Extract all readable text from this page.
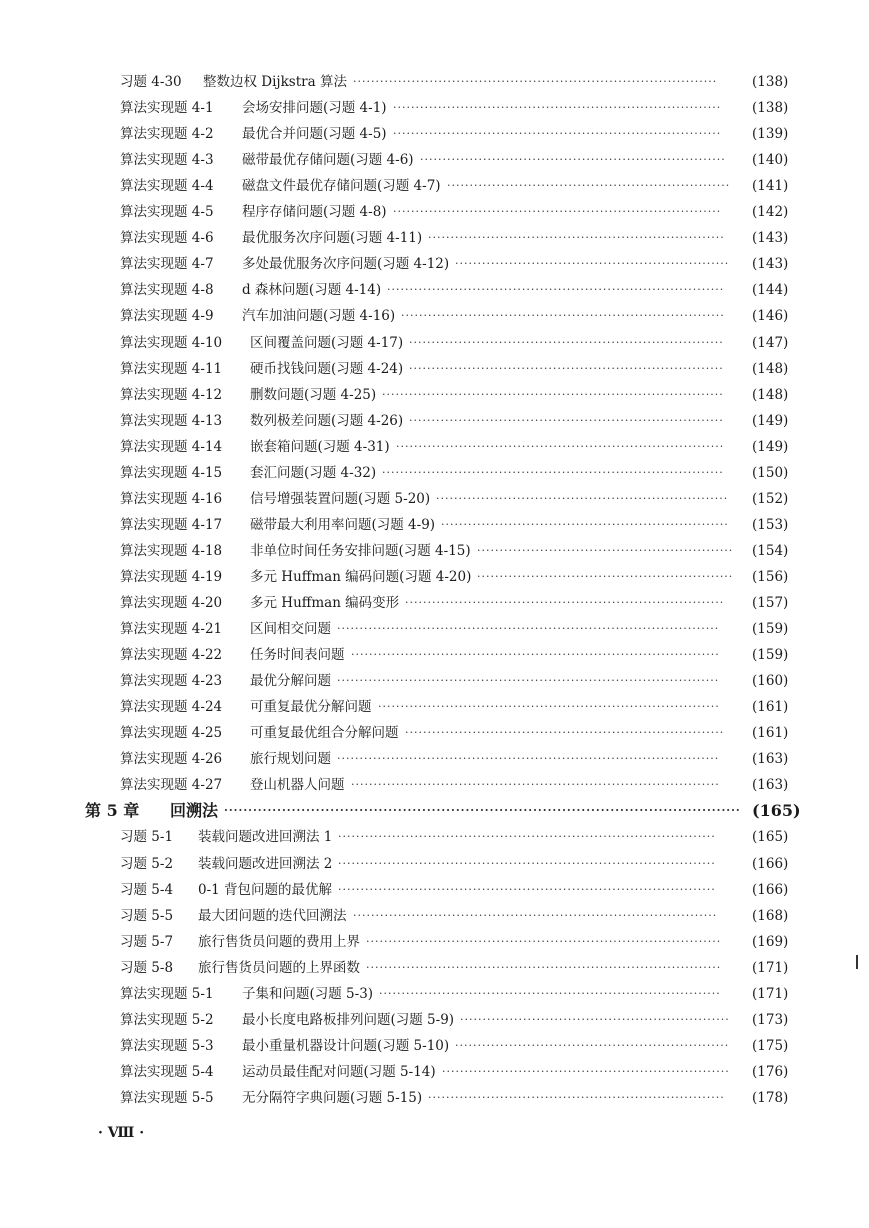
习题 4-30 整数边权 Dijkstra 算法 ·················································································	(138)
算法实现题 4-1 会场安排问题(习题 4-1) ·········································································	(138)
算法实现题 4-2 最优合并问题(习题 4-5) ·········································································	(139)
算法实现题 4-3 磁带最优存储问题(习题 4-6) ····································································	(140)
算法实现题 4-4 磁盘文件最优存储问题(习题 4-7) ·······························································	(141)
算法实现题 4-5 程序存储问题(习题 4-8) ·········································································	(142)
算法实现题 4-6 最优服务次序问题(习题 4-11) ··································································	(143)
算法实现题 4-7 多处最优服务次序问题(习题 4-12) ·····························································	(143)
算法实现题 4-8 d 森林问题(习题 4-14) ···········································································	(144)
算法实现题 4-9 汽车加油问题(习题 4-16) ········································································	(146)
算法实现题 4-10 区间覆盖问题(习题 4-17) ······································································	(147)
算法实现题 4-11 硬币找钱问题(习题 4-24) ······································································	(148)
算法实现题 4-12 删数问题(习题 4-25) ············································································	(148)
算法实现题 4-13 数列极差问题(习题 4-26) ······································································	(149)
算法实现题 4-14 嵌套箱问题(习题 4-31) ·········································································	(149)
算法实现题 4-15 套汇问题(习题 4-32) ············································································	(150)
算法实现题 4-16 信号增强装置问题(习题 5-20) ·································································	(152)
算法实现题 4-17 磁带最大利用率问题(习题 4-9) ································································	(153)
算法实现题 4-18 非单位时间任务安排问题(习题 4-15) ·························································	(154)
算法实现题 4-19 多元 Huffman 编码问题(习题 4-20) ·························································	(156)
算法实现题 4-20 多元 Huffman 编码变形 ·······································································	(157)
算法实现题 4-21 区间相交问题 ·····················································································	(159)
算法实现题 4-22 任务时间表问题 ··················································································	(159)
算法实现题 4-23 最优分解问题 ·····················································································	(160)
算法实现题 4-24 可重复最优分解问题 ············································································	(161)
算法实现题 4-25 可重复最优组合分解问题 ·······································································	(161)
算法实现题 4-26 旅行规划问题 ·····················································································	(163)
算法实现题 4-27 登山机器人问题 ··················································································	(163)
第 5 章 回溯法 ··········································································································· (165)
习题 5-1 装载问题改进回溯法 1 ····················································································	(165)
习题 5-2 装载问题改进回溯法 2 ····················································································	(166)
习题 5-4 0-1 背包问题的最优解 ····················································································	(166)
习题 5-5 最大团问题的迭代回溯法 ·················································································	(168)
习题 5-7 旅行售货员问题的费用上界 ···············································································	(169)
习题 5-8 旅行售货员问题的上界函数 ···············································································	(171)
算法实现题 5-1 子集和问题(习题 5-3) ············································································	(171)
算法实现题 5-2 最小长度电路板排列问题(习题 5-9) ····························································	(173)
算法实现题 5-3 最小重量机器设计问题(习题 5-10) ·····························································	(175)
算法实现题 5-4 运动员最佳配对问题(习题 5-14) ································································	(176)
算法实现题 5-5 无分隔符字典问题(习题 5-15) ··································································	(178)
· Ⅷ ·
